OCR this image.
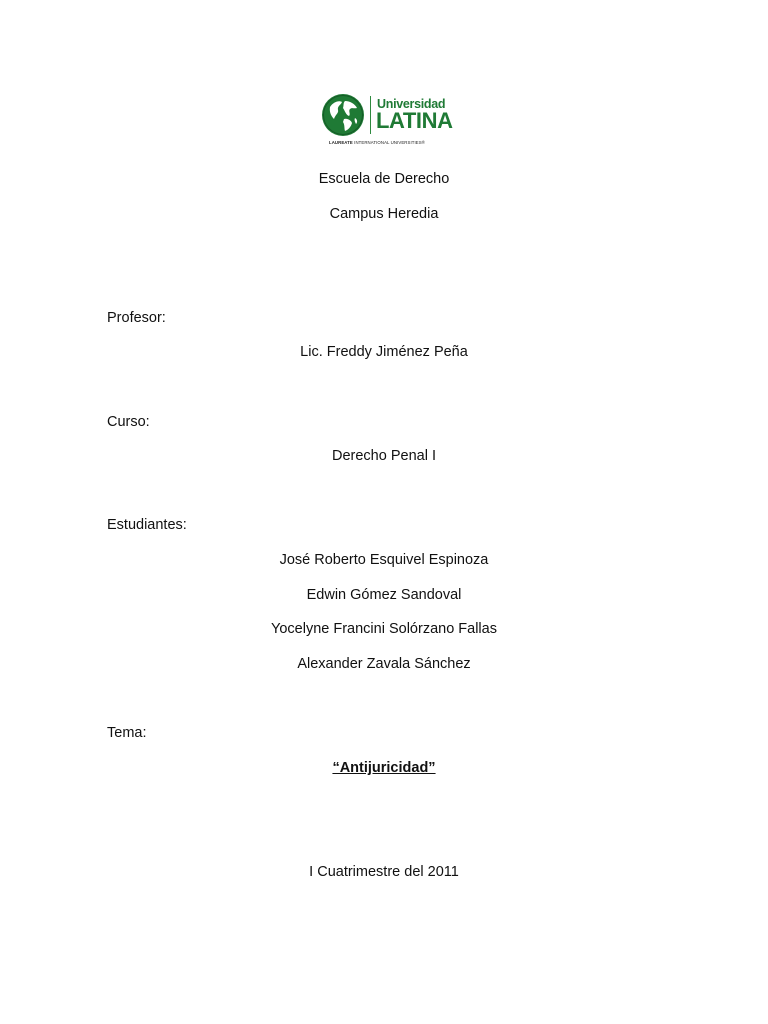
Universidad
LATINA
LAUREATE INTERNATIONAL UNIVERSITIES®
Escuela de Derecho
Campus Heredia
Profesor:
Lic. Freddy Jiménez Peña
Curso:
Derecho Penal I
Estudiantes:
José Roberto Esquivel Espinoza
Edwin Gómez Sandoval
Yocelyne Francini Solórzano Fallas
Alexander Zavala Sánchez
Tema:
“Antijuricidad”
I Cuatrimestre del 2011
